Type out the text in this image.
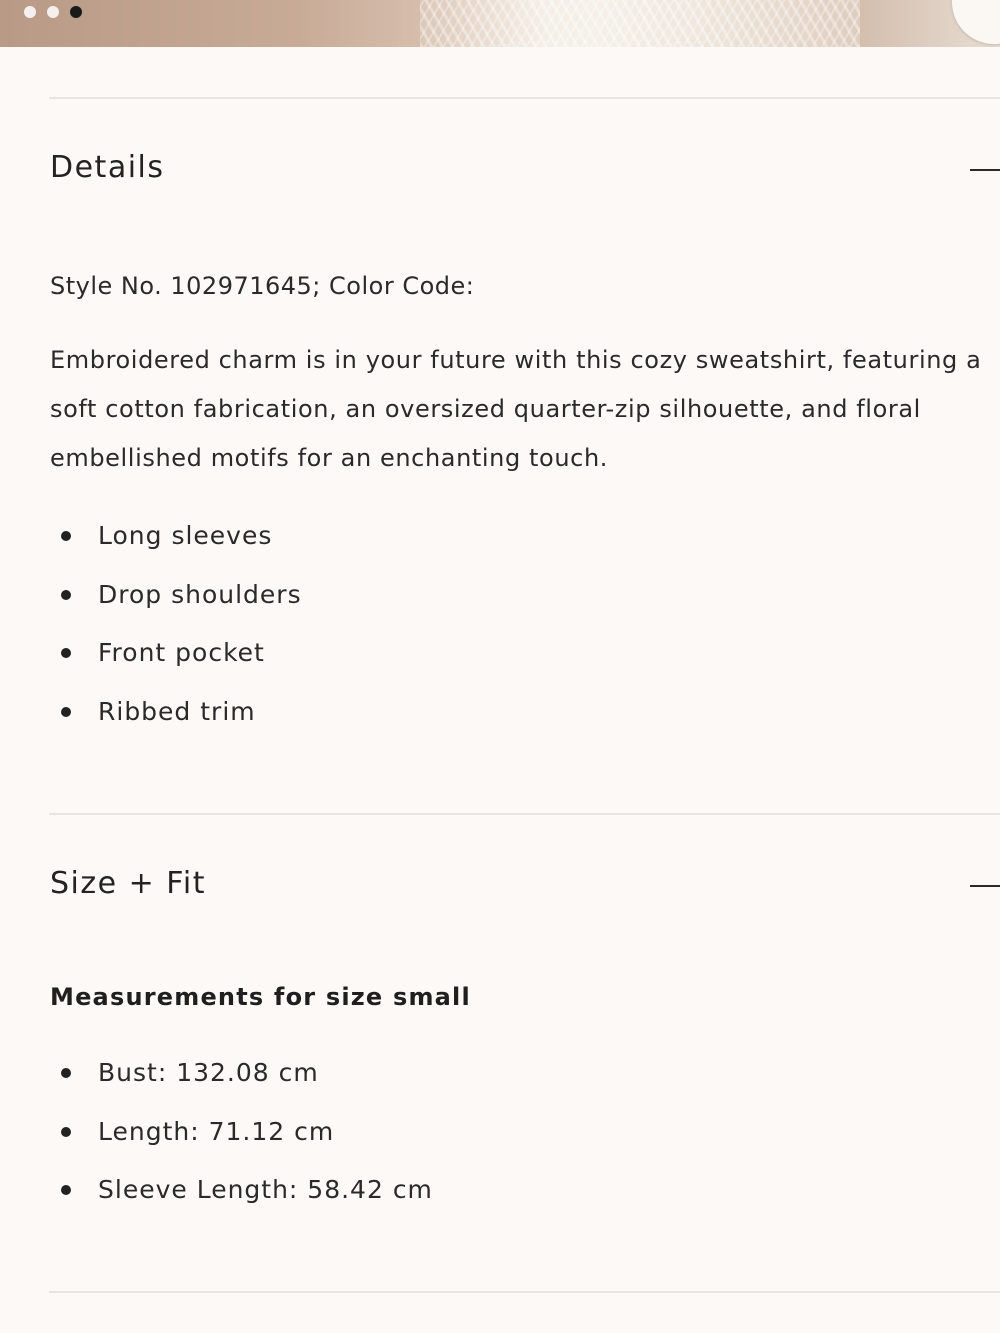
Details

Style No. 102971645; Color Code:

Embroidered charm is in your future with this cozy sweatshirt, featuring a soft cotton fabrication, an oversized quarter-zip silhouette, and floral embellished motifs for an enchanting touch.

Long sleeves
Drop shoulders
Front pocket
Ribbed trim
Size + Fit

Measurements for size small

Bust: 132.08 cm
Length: 71.12 cm
Sleeve Length: 58.42 cm
